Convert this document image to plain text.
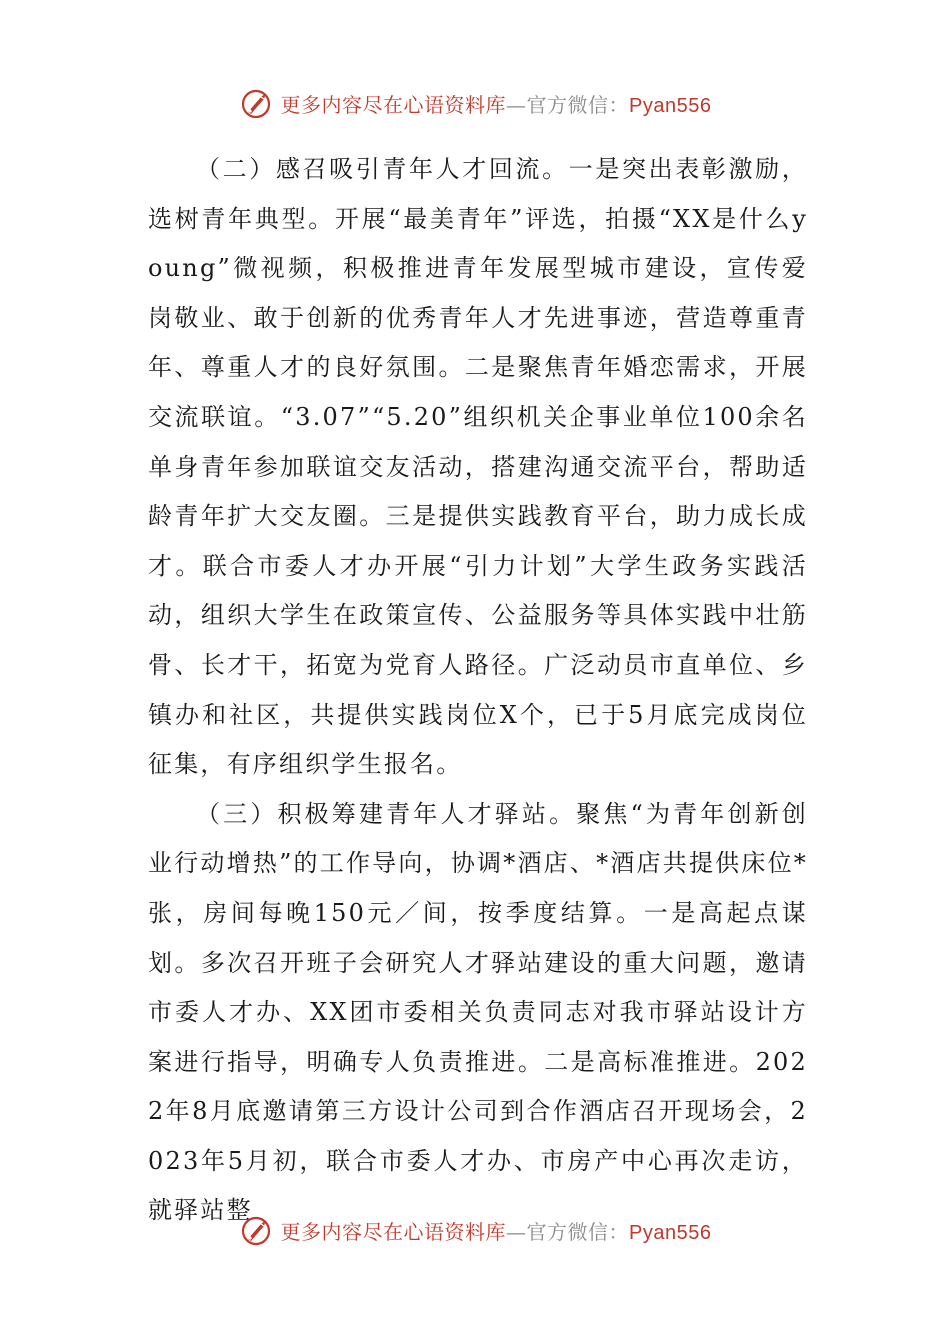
更多内容尽在心语资料库—官方微信：Pyan556

（二）感召吸引青年人才回流。一是突出表彰激励，选树青年典型。开展“最美青年”评选，拍摄“XX是什么young”微视频，积极推进青年发展型城市建设，宣传爱岗敬业、敢于创新的优秀青年人才先进事迹，营造尊重青年、尊重人才的良好氛围。二是聚焦青年婚恋需求，开展交流联谊。“3.07”“5.20”组织机关企事业单位100余名单身青年参加联谊交友活动，搭建沟通交流平台，帮助适龄青年扩大交友圈。三是提供实践教育平台，助力成长成才。联合市委人才办开展“引力计划”大学生政务实践活动，组织大学生在政策宣传、公益服务等具体实践中壮筋骨、长才干，拓宽为党育人路径。广泛动员市直单位、乡镇办和社区，共提供实践岗位X个，已于5月底完成岗位征集，有序组织学生报名。

（三）积极筹建青年人才驿站。聚焦“为青年创新创业行动增热”的工作导向，协调*酒店、*酒店共提供床位*张，房间每晚150元／间，按季度结算。一是高起点谋划。多次召开班子会研究人才驿站建设的重大问题，邀请市委人才办、XX团市委相关负责同志对我市驿站设计方案进行指导，明确专人负责推进。二是高标准推进。2022年8月底邀请第三方设计公司到合作酒店召开现场会，2023年5月初，联合市委人才办、市房产中心再次走访，就驿站整

更多内容尽在心语资料库—官方微信：Pyan556
